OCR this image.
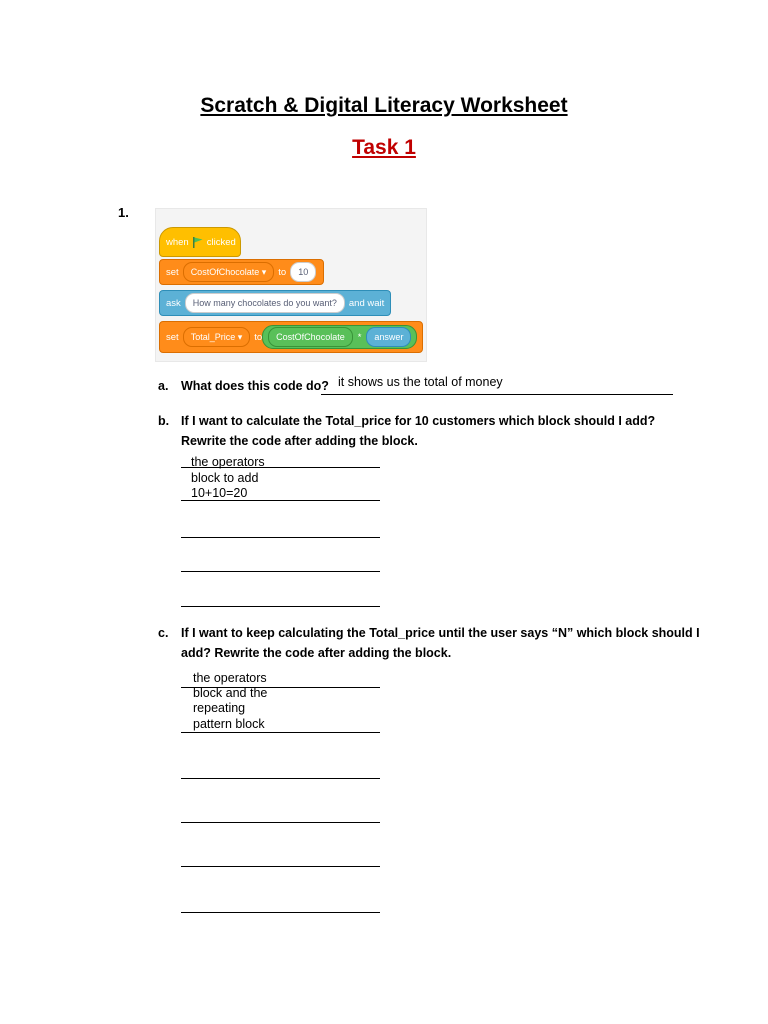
Scratch & Digital Literacy Worksheet
Task 1
1.
when clicked
set	CostOfChocolate ▾	to	10
ask	How many chocolates do you want?	and wait
set	Total_Price ▾	to	CostOfChocolate	*	answer
a. What does this code do? it shows us the total of money
b. If I want to calculate the Total_price for 10 customers which block should I add?
Rewrite the code after adding the block.
the operators
block to add
10+10=20
c. If I want to keep calculating the Total_price until the user says “N” which block should I
add? Rewrite the code after adding the block.
the operators
block and the
repeating
pattern block
